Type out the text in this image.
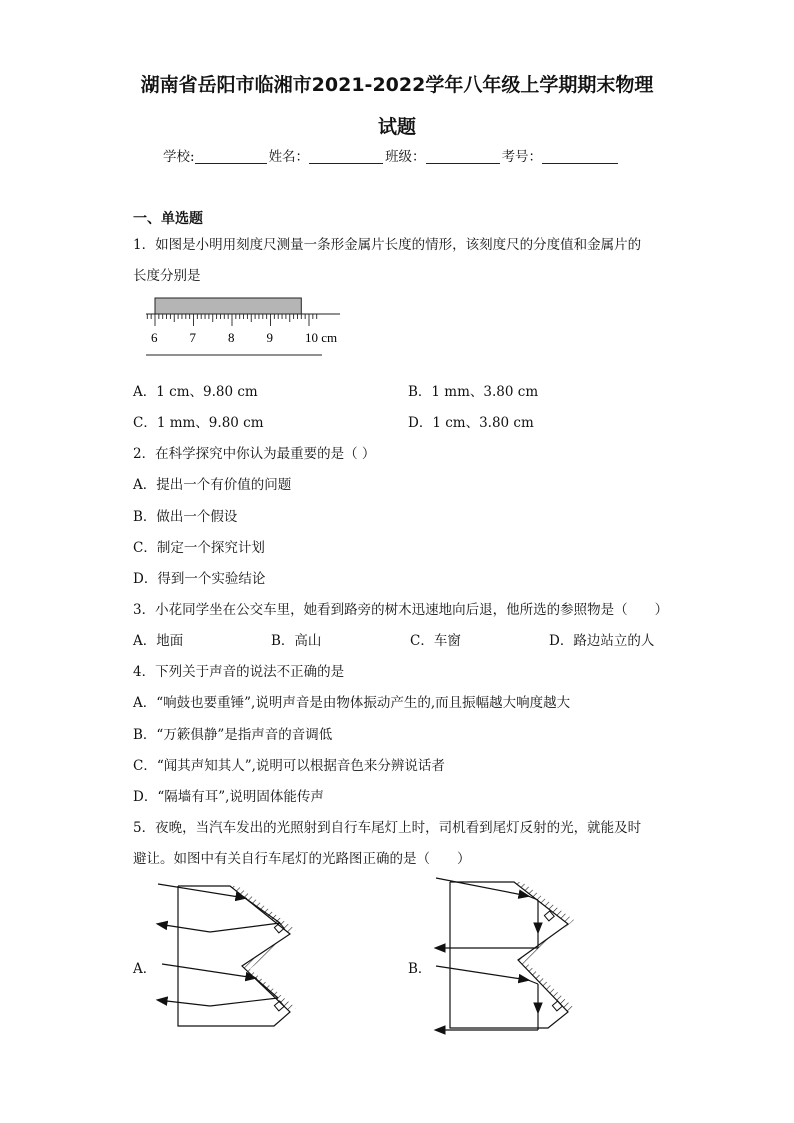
湖南省岳阳市临湘市2021-2022学年八年级上学期期末物理
试题
学校:	姓名：	班级：	考号：
一、单选题
1．如图是小明用刻度尺测量一条形金属片长度的情形，该刻度尺的分度值和金属片的
长度分别是
6 7 8 9 10 cm
A．1 cm、9.80 cm	B．1 mm、3.80 cm
C．1 mm、9.80 cm	D．1 cm、3.80 cm
2．在科学探究中你认为最重要的是（ ）
A．提出一个有价值的问题
B．做出一个假设
C．制定一个探究计划
D．得到一个实验结论
3．小花同学坐在公交车里，她看到路旁的树木迅速地向后退，他所选的参照物是（　　）
A．地面	B．高山	C．车窗	D．路边站立的人
4．下列关于声音的说法不正确的是
A．“响鼓也要重锤”,说明声音是由物体振动产生的,而且振幅越大响度越大
B．“万簌俱静”是指声音的音调低
C．“闻其声知其人”,说明可以根据音色来分辨说话者
D．“隔墙有耳”,说明固体能传声
5．夜晚，当汽车发出的光照射到自行车尾灯上时，司机看到尾灯反射的光，就能及时
避让。如图中有关自行车尾灯的光路图正确的是（　　）
A．	B．
